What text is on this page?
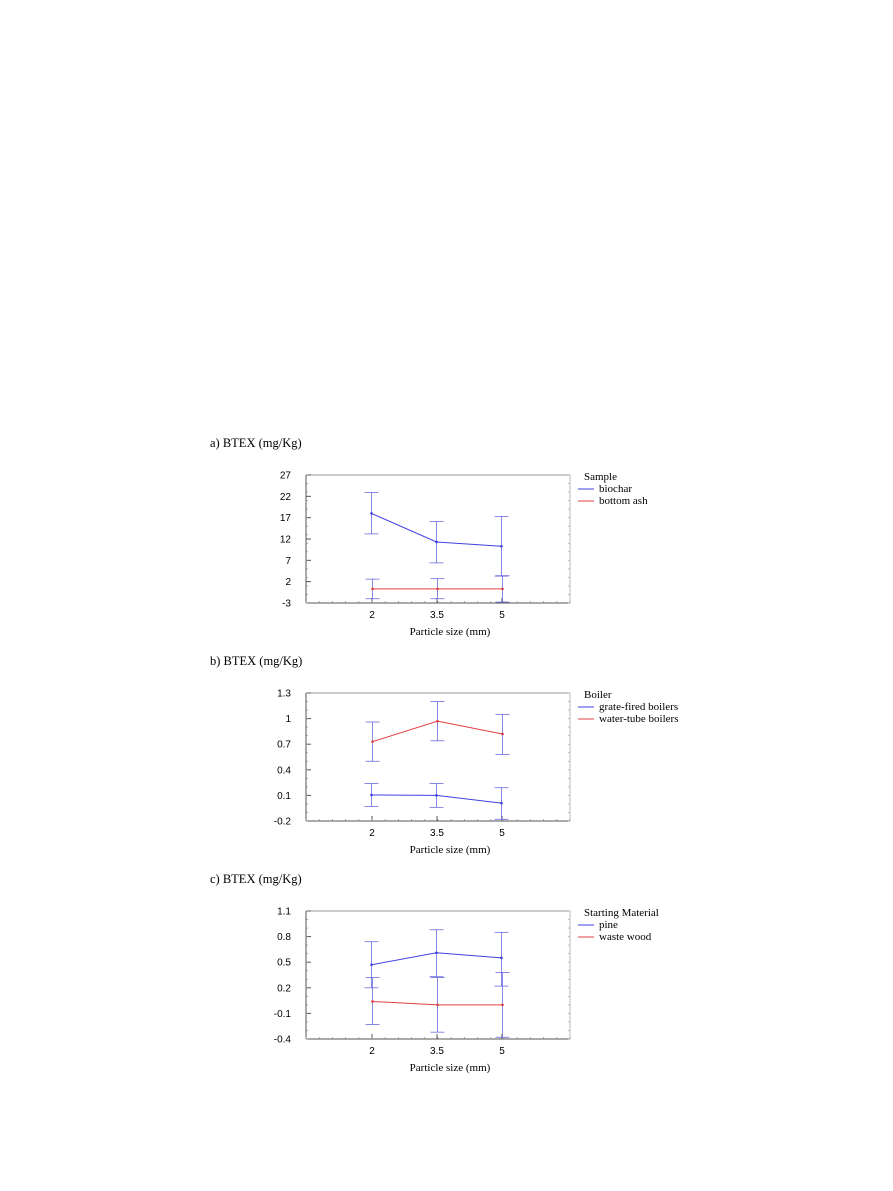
a) BTEX (mg/Kg)
27
22
17
12
7
2
-3
2	3.5	5
Particle size (mm)
Sample
biochar
bottom ash
b) BTEX (mg/Kg)
1.3
1
0.7
0.4
0.1
-0.2
2	3.5	5
Particle size (mm)
Boiler
grate-fired boilers
water-tube boilers
c) BTEX (mg/Kg)
1.1
0.8
0.5
0.2
-0.1
-0.4
2	3.5	5
Particle size (mm)
Starting Material
pine
waste wood
